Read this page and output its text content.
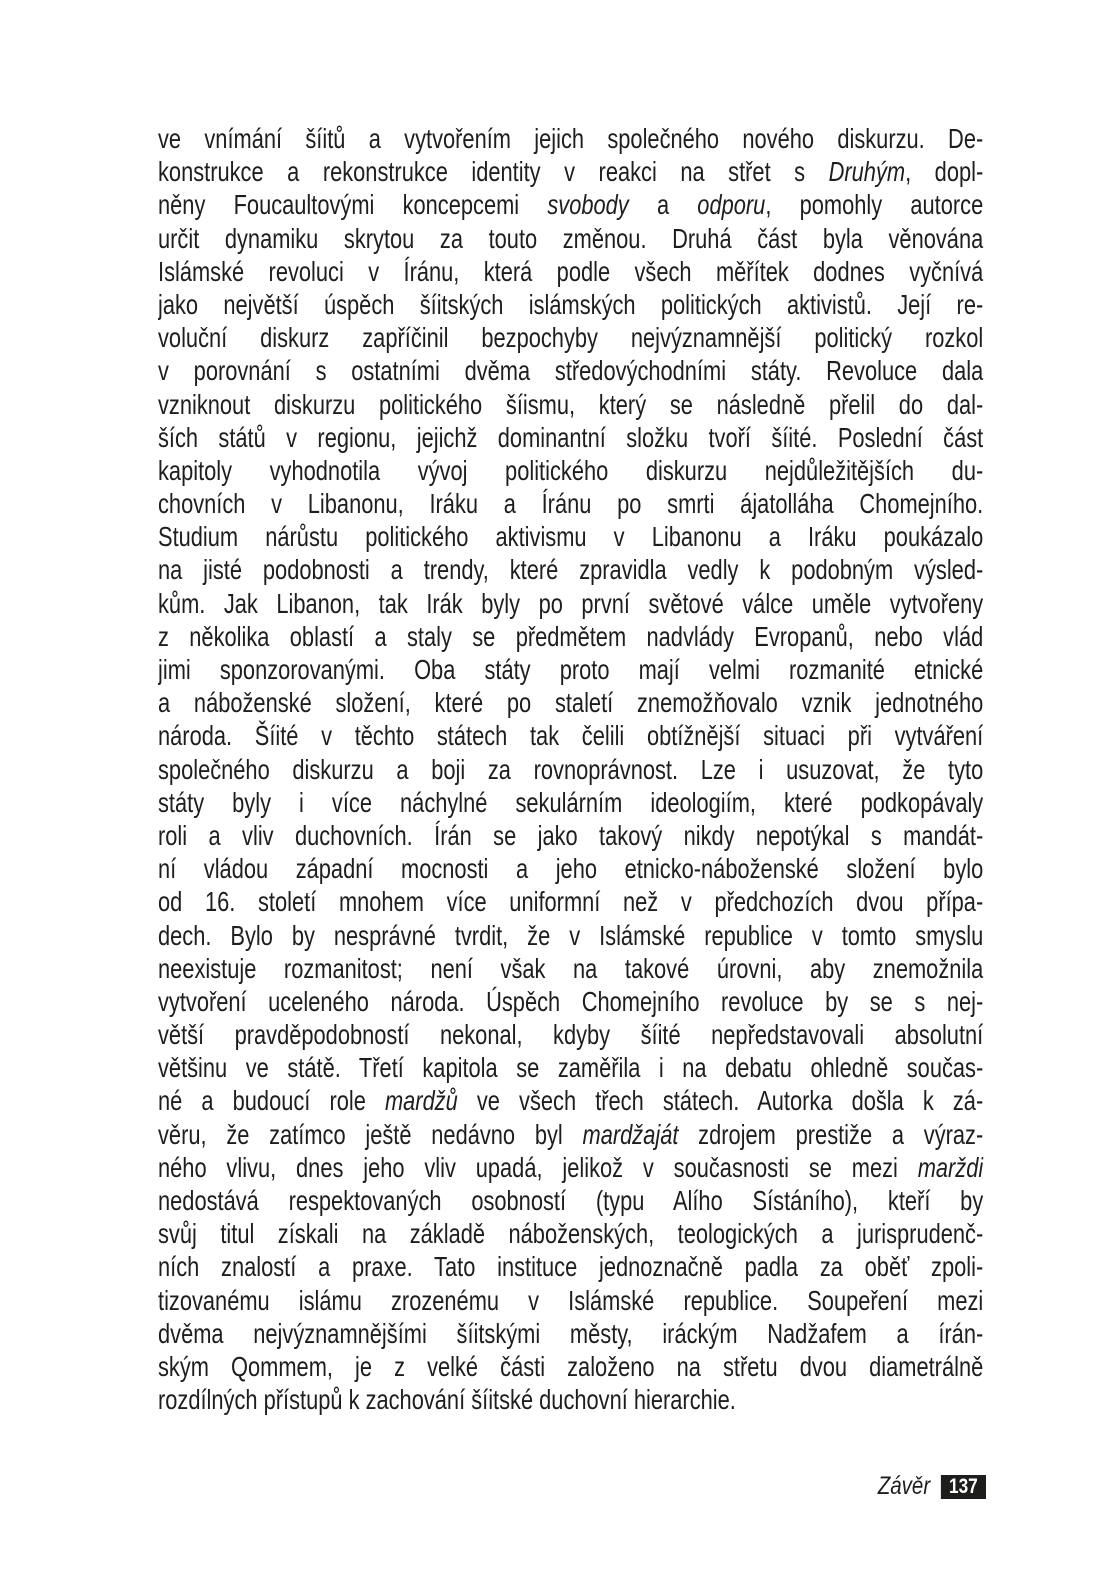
ve vnímání šíitů a vytvořením jejich společného nového diskurzu. De-
konstrukce a rekonstrukce identity v reakci na střet s Druhým, dopl-
něny Foucaultovými koncepcemi svobody a odporu, pomohly autorce
určit dynamiku skrytou za touto změnou. Druhá část byla věnována
Islámské revoluci v Íránu, která podle všech měřítek dodnes vyčnívá
jako největší úspěch šíitských islámských politických aktivistů. Její re-
voluční diskurz zapříčinil bezpochyby nejvýznamnější politický rozkol
v porovnání s ostatními dvěma středovýchodními státy. Revoluce dala
vzniknout diskurzu politického šíismu, který se následně přelil do dal-
ších států v regionu, jejichž dominantní složku tvoří šíité. Poslední část
kapitoly vyhodnotila vývoj politického diskurzu nejdůležitějších du-
chovních v Libanonu, Iráku a Íránu po smrti ájatolláha Chomejního.
Studium nárůstu politického aktivismu v Libanonu a Iráku poukázalo
na jisté podobnosti a trendy, které zpravidla vedly k podobným výsled-
kům. Jak Libanon, tak Irák byly po první světové válce uměle vytvořeny
z několika oblastí a staly se předmětem nadvlády Evropanů, nebo vlád
jimi sponzorovanými. Oba státy proto mají velmi rozmanité etnické
a náboženské složení, které po staletí znemožňovalo vznik jednotného
národa. Šíité v těchto státech tak čelili obtížnější situaci při vytváření
společného diskurzu a boji za rovnoprávnost. Lze i usuzovat, že tyto
státy byly i více náchylné sekulárním ideologiím, které podkopávaly
roli a vliv duchovních. Írán se jako takový nikdy nepotýkal s mandát-
ní vládou západní mocnosti a jeho etnicko-náboženské složení bylo
od 16. století mnohem více uniformní než v předchozích dvou přípa-
dech. Bylo by nesprávné tvrdit, že v Islámské republice v tomto smyslu
neexistuje rozmanitost; není však na takové úrovni, aby znemožnila
vytvoření uceleného národa. Úspěch Chomejního revoluce by se s nej-
větší pravděpodobností nekonal, kdyby šíité nepředstavovali absolutní
většinu ve státě. Třetí kapitola se zaměřila i na debatu ohledně součas-
né a budoucí role mardžů ve všech třech státech. Autorka došla k zá-
věru, že zatímco ještě nedávno byl mardžaját zdrojem prestiže a výraz-
ného vlivu, dnes jeho vliv upadá, jelikož v současnosti se mezi marždi
nedostává respektovaných osobností (typu Alího Sístáního), kteří by
svůj titul získali na základě náboženských, teologických a jurisprudenč-
ních znalostí a praxe. Tato instituce jednoznačně padla za oběť zpoli-
tizovanému islámu zrozenému v Islámské republice. Soupeření mezi
dvěma nejvýznamnějšími šíitskými městy, iráckým Nadžafem a írán-
ským Qommem, je z velké části založeno na střetu dvou diametrálně
rozdílných přístupů k zachování šíitské duchovní hierarchie.
Závěr 137
